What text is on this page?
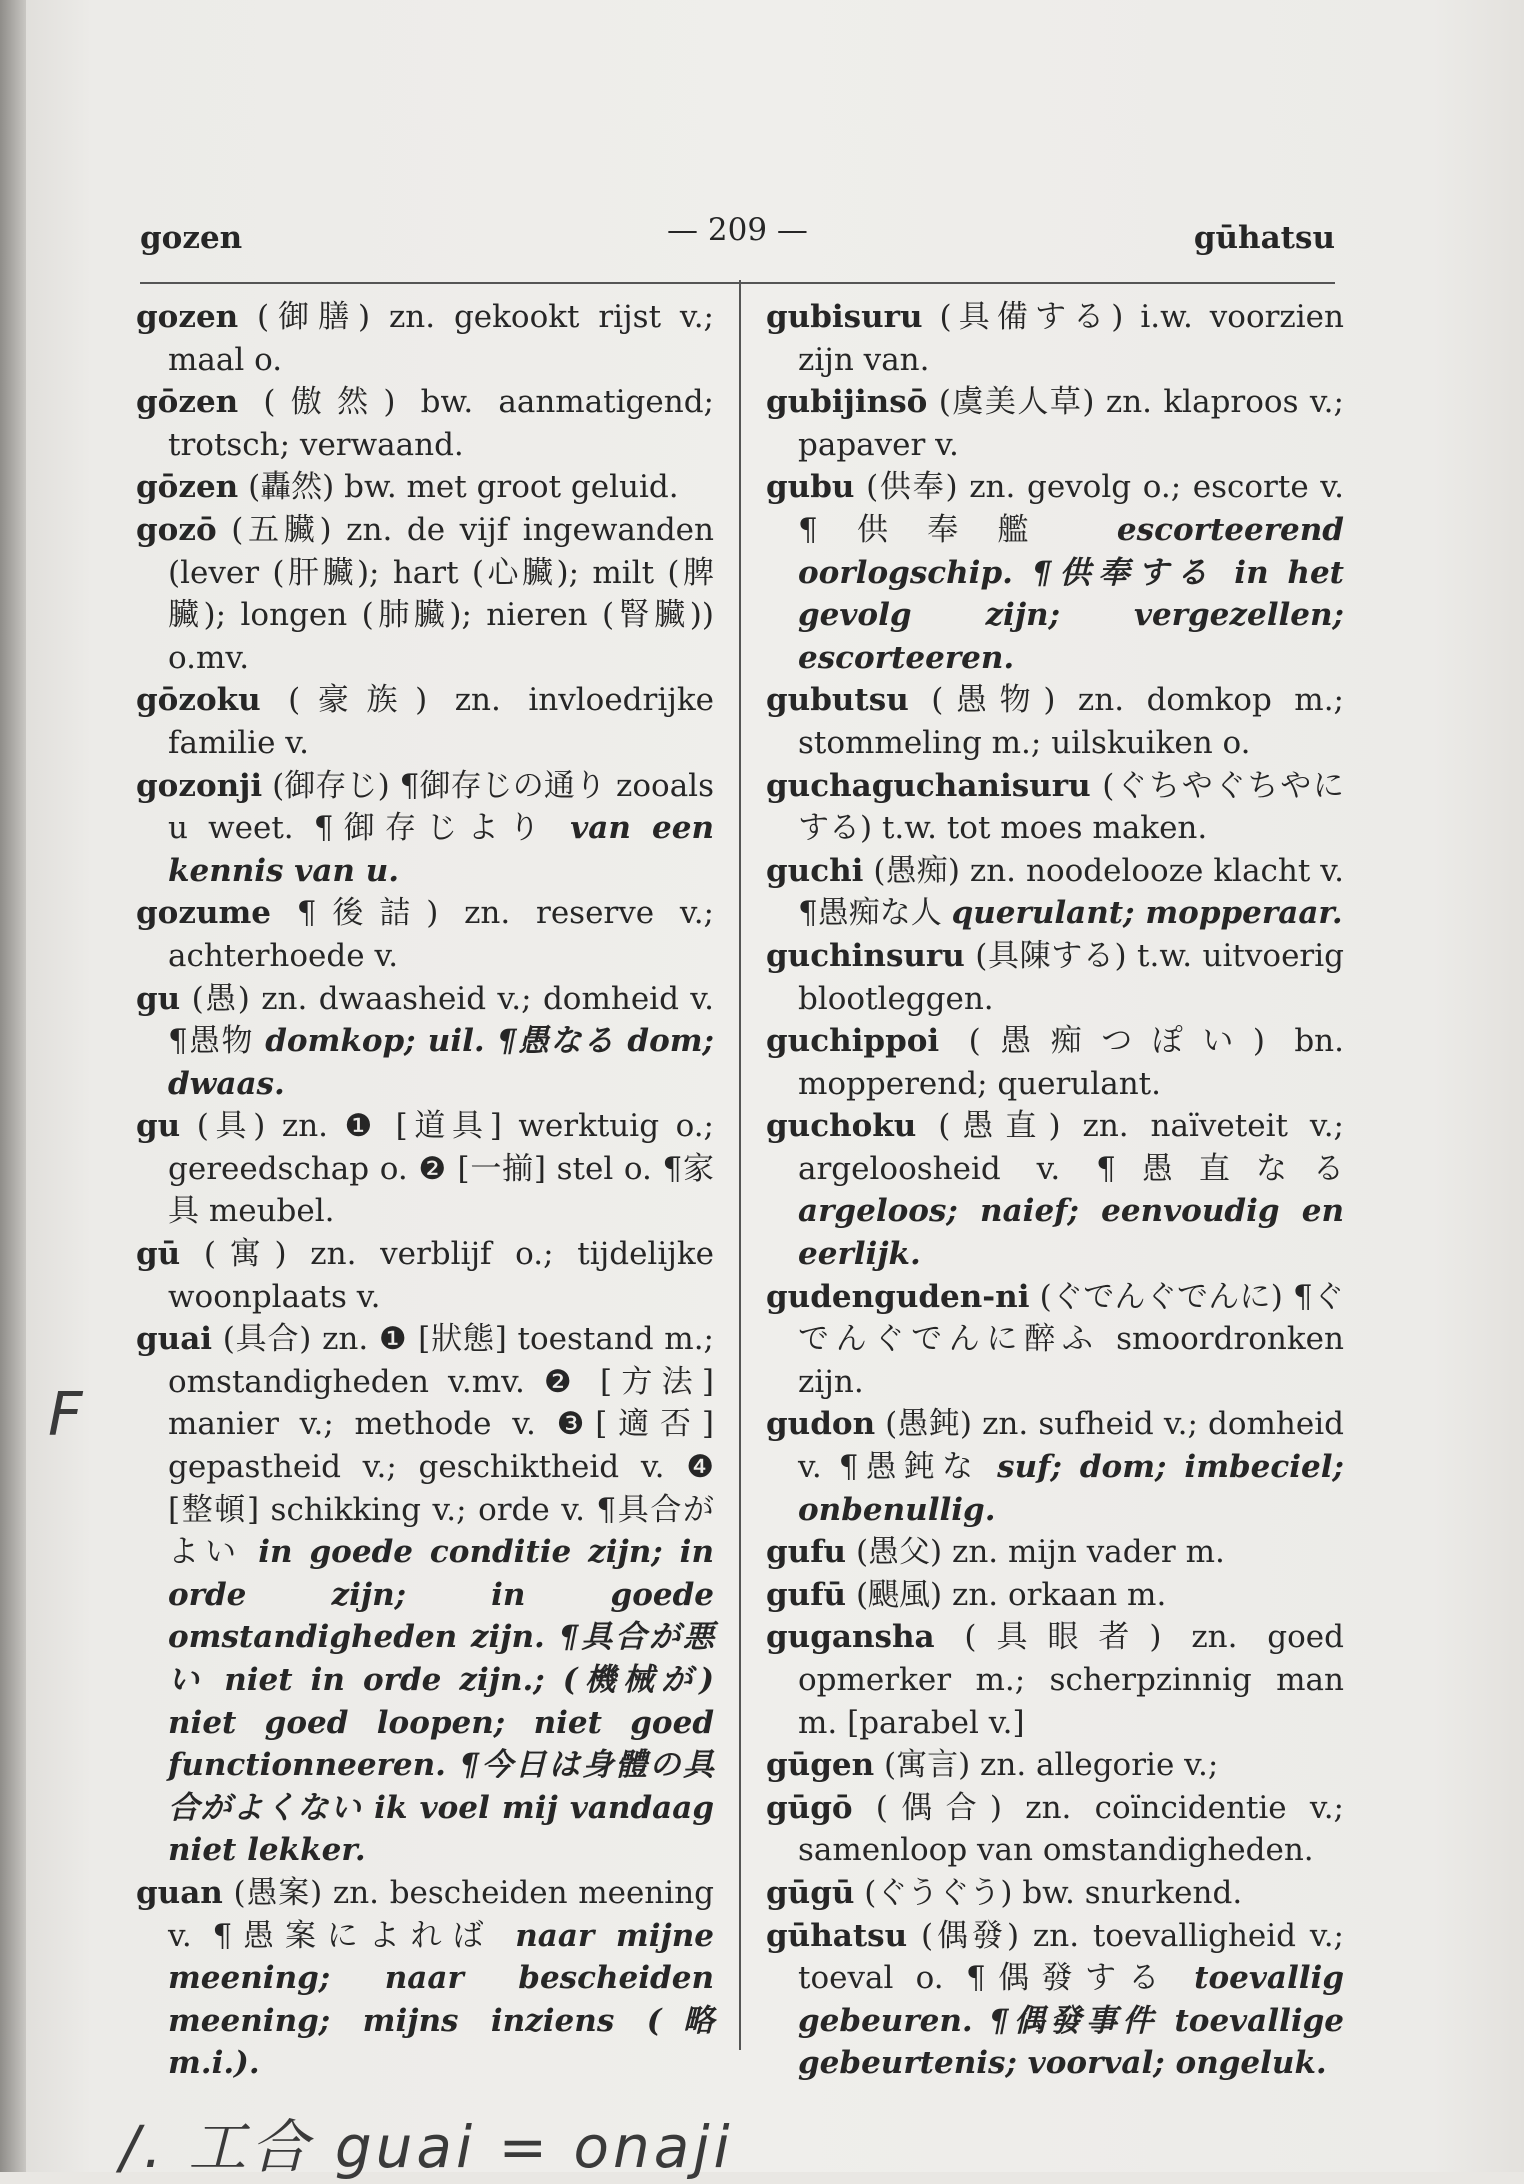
gozen	— 209 —	gūhatsu

gozen (御膳) zn. gekookt rijst v.; maal o.

gōzen (傲然) bw. aanmatigend; trotsch; verwaand.

gōzen (轟然) bw. met groot geluid.

gozō (五臟) zn. de vijf ingewanden (lever (肝臟); hart (心臟); milt (脾臟); longen (肺臟); nieren (腎臟)) o.mv.

gōzoku (豪族) zn. invloedrijke familie v.

gozonji (御存じ) ¶御存じの通り zooals u weet. ¶御存じより van een kennis van u.

gozume ¶後詰) zn. reserve v.; achterhoede v.

gu (愚) zn. dwaasheid v.; domheid v. ¶愚物 domkop; uil. ¶愚なる dom; dwaas.

gu (具) zn. ❶ [道具] werktuig o.; gereedschap o. ❷ [一揃] stel o. ¶家具 meubel.

gū (寓) zn. verblijf o.; tijdelijke woonplaats v.

guai (具合) zn. ❶ [狀態] toestand m.; omstandigheden v.mv. ❷ [方法] manier v.; methode v. ❸[適否] gepastheid v.; geschiktheid v. ❹ [整頓] schikking v.; orde v. ¶具合がよい in goede conditie zijn; in orde zijn; in goede omstandigheden zijn. ¶具合が悪い niet in orde zijn.; (機械が) niet goed loopen; niet goed functionneeren. ¶今日は身體の具合がよくない ik voel mij vandaag niet lekker.

guan (愚案) zn. bescheiden meening v. ¶愚案によれば naar mijne meening; naar bescheiden meening; mijns inziens (略 m.i.).

gubisuru (具備する) i.w. voorzien zijn van.

gubijinsō (虞美人草) zn. klaproos v.; papaver v.

gubu (供奉) zn. gevolg o.; escorte v. ¶供奉艦 escorteerend oorlogschip. ¶供奉する in het gevolg zijn; vergezellen; escorteeren.

gubutsu (愚物) zn. domkop m.; stommeling m.; uilskuiken o.

guchaguchanisuru (ぐちやぐちやにする) t.w. tot moes maken.

guchi (愚痴) zn. noodelooze klacht v. ¶愚痴な人 querulant; mopperaar.

guchinsuru (具陳する) t.w. uitvoerig blootleggen.

guchippoi (愚痴つぽい) bn. mopperend; querulant.

guchoku (愚直) zn. naïveteit v.; argeloosheid v. ¶愚直なる argeloos; naief; eenvoudig en eerlijk.

gudenguden-ni (ぐでんぐでんに) ¶ぐでんぐでんに醉ふ smoordronken zijn.

gudon (愚鈍) zn. sufheid v.; domheid v. ¶愚鈍な suf; dom; imbeciel; onbenullig.

gufu (愚父) zn. mijn vader m.

gufū (颶風) zn. orkaan m.

gugansha (具眼者) zn. goed opmerker m.; scherpzinnig man m. [parabel v.]

gūgen (寓言) zn. allegorie v.;

gūgō (偶合) zn. coïncidentie v.; samenloop van omstandigheden.

gūgū (ぐうぐう) bw. snurkend.

gūhatsu (偶發) zn. toevalligheid v.; toeval o. ¶偶發する toevallig gebeuren. ¶偶發事件 toevallige gebeurtenis; voorval; ongeluk.

F
/. 工合 guai = onaji
